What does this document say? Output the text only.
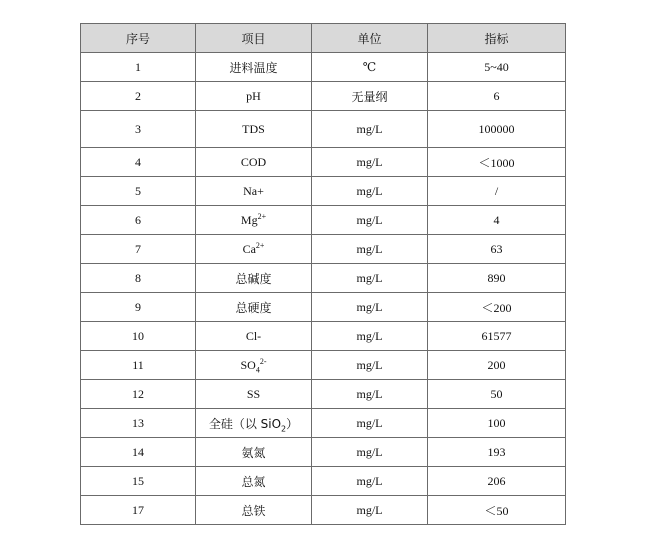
序号	项目	单位	指标
1	进料温度	℃	5~40
2	pH	无量纲	6
3	TDS	mg/L	100000
4	COD	mg/L	＜1000
5	Na+	mg/L	/
6	$Mg^{2+}$	mg/L	4
7	$Ca^{2+}$	mg/L	63
8	总碱度	mg/L	890
9	总硬度	mg/L	＜200
10	Cl-	mg/L	61577
11	$SO_4^{2-}$	mg/L	200
12	SS	mg/L	50
13	全硅（以 SiO$_2$）	mg/L	100
14	氨氮	mg/L	193
15	总氮	mg/L	206
17	总铁	mg/L	＜50
